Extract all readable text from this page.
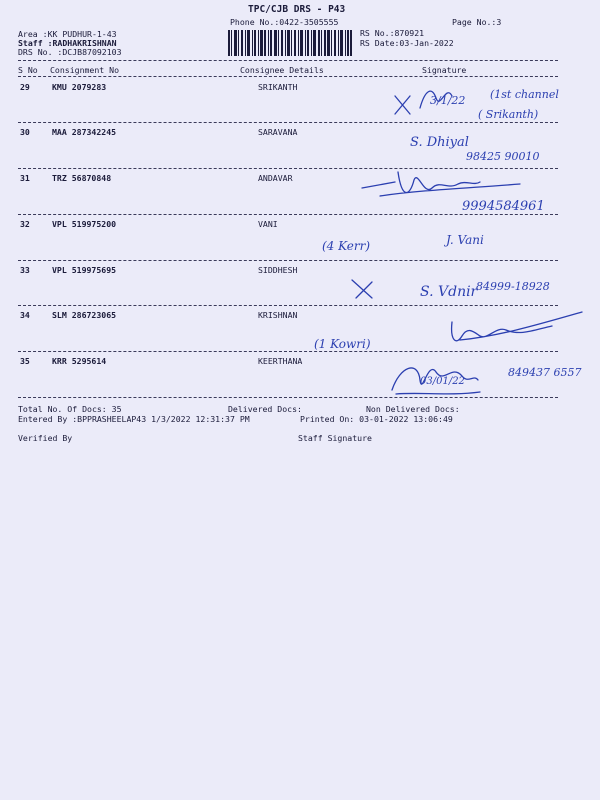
TPC/CJB DRS - P43
Phone No.:0422-3505555	Page No.:3
Area :KK PUDHUR-1-43
Staff :RADHAKRISHNAN
DRS No. :DCJB87092103
RS No.:870921
RS Date:03-Jan-2022
S No Consignment No	Consignee Details	Signature
29	KMU 2079283	SRIKANTH
30	MAA 287342245	SARAVANA
31	TRZ 56870848	ANDAVAR
32	VPL 519975200	VANI
33	VPL 519975695	SIDDHESH
34	SLM 286723065	KRISHNAN
35	KRR 5295614	KEERTHANA
Total No. Of Docs: 35	Delivered Docs:	Non Delivered Docs:
Entered By :BPPRASHEELAP43 1/3/2022 12:31:37 PM	Printed On: 03-01-2022 13:06:49
Verified By	Staff Signature
3/1/22 (1st channel
( Srikanth)
S. Dhiyal
98425 90010
9994584961
(4 Kerr)	J. Vani
S. Vdnir
84999-18928
(1 Kowri)
03/01/22
849437 6557
